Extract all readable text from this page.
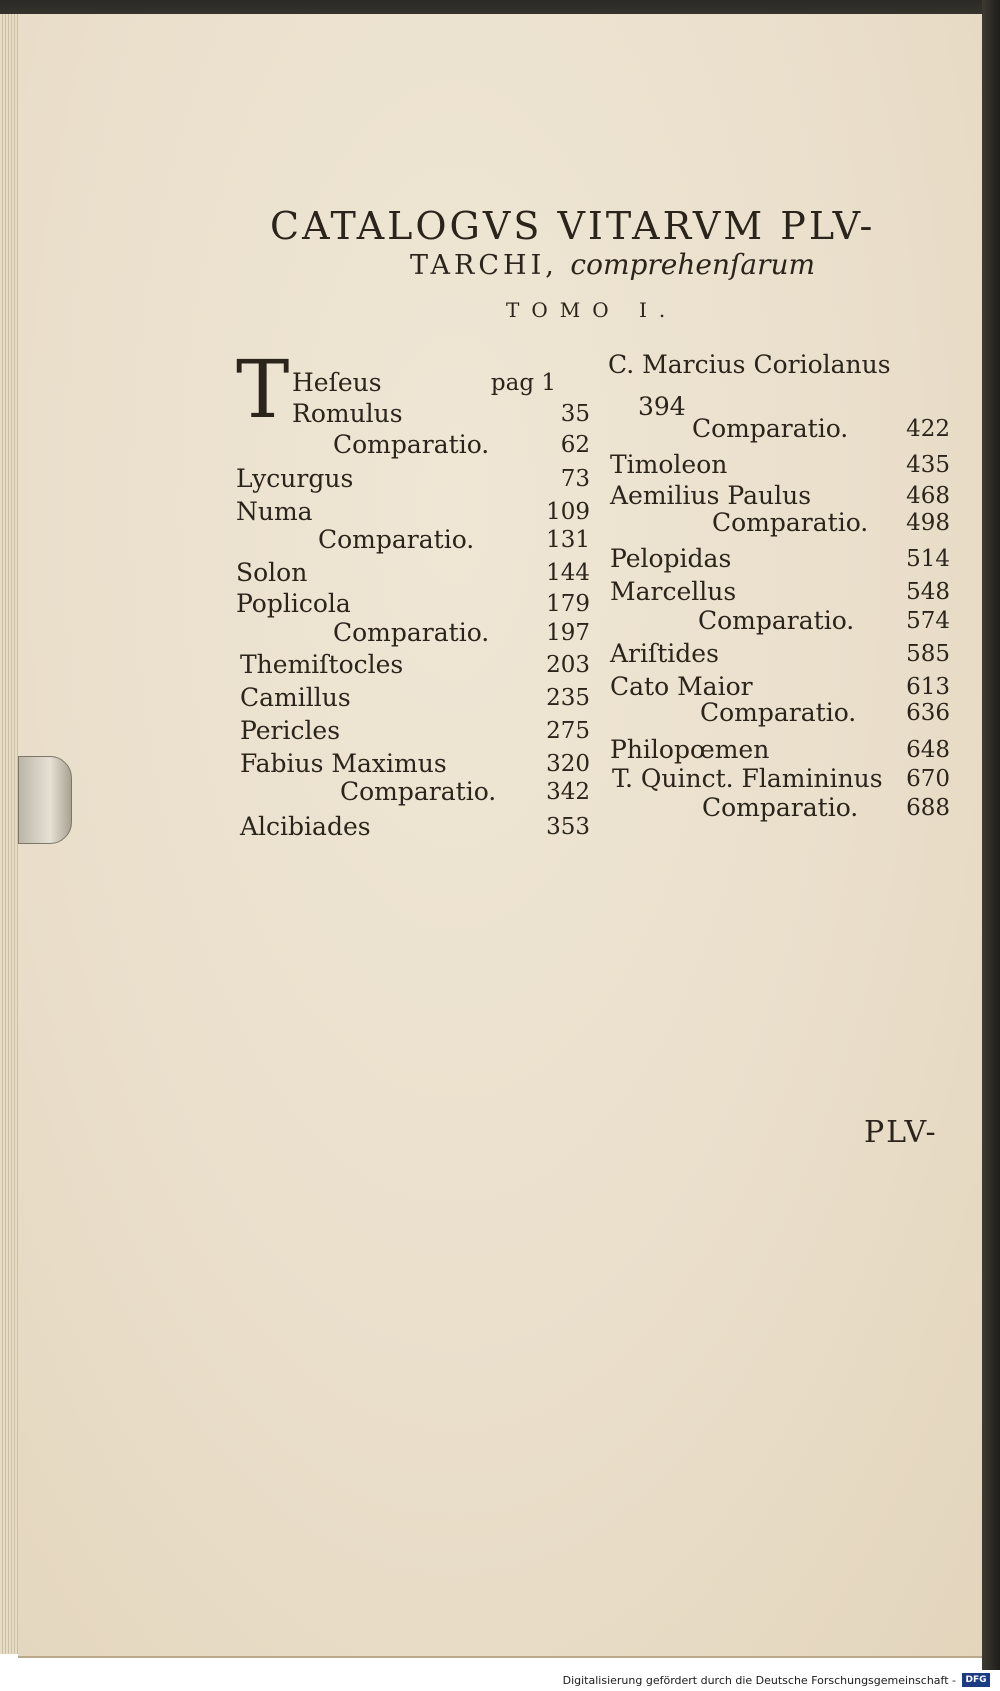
CATALOGVS VITARVM PLV-
TARCHI, comprehenſarum
TOMO I.
T Heſeus	pag 1
Romulus	35
Comparatio.	62
Lycurgus	73
Numa	109
Comparatio.	131
Solon	144
Poplicola	179
Comparatio. 197
Themiſtocles	203
Camillus	235
Pericles	275
Fabius Maximus	320
Comparatio. 342
Alcibiades	353
C. Marcius Coriolanus
394
Comparatio.	422
Timoleon	435
Aemilius Paulus	468
Comparatio. 498
Pelopidas	514
Marcellus	548
Comparatio. 574
Ariſtides	585
Cato Maior	613
Comparatio. 636
Philopœmen	648
T. Quinct. Flamininus 670
Comparatio. 688
PLV-
Digitalisierung gefördert durch die Deutsche Forschungsgemeinschaft -	DFG
